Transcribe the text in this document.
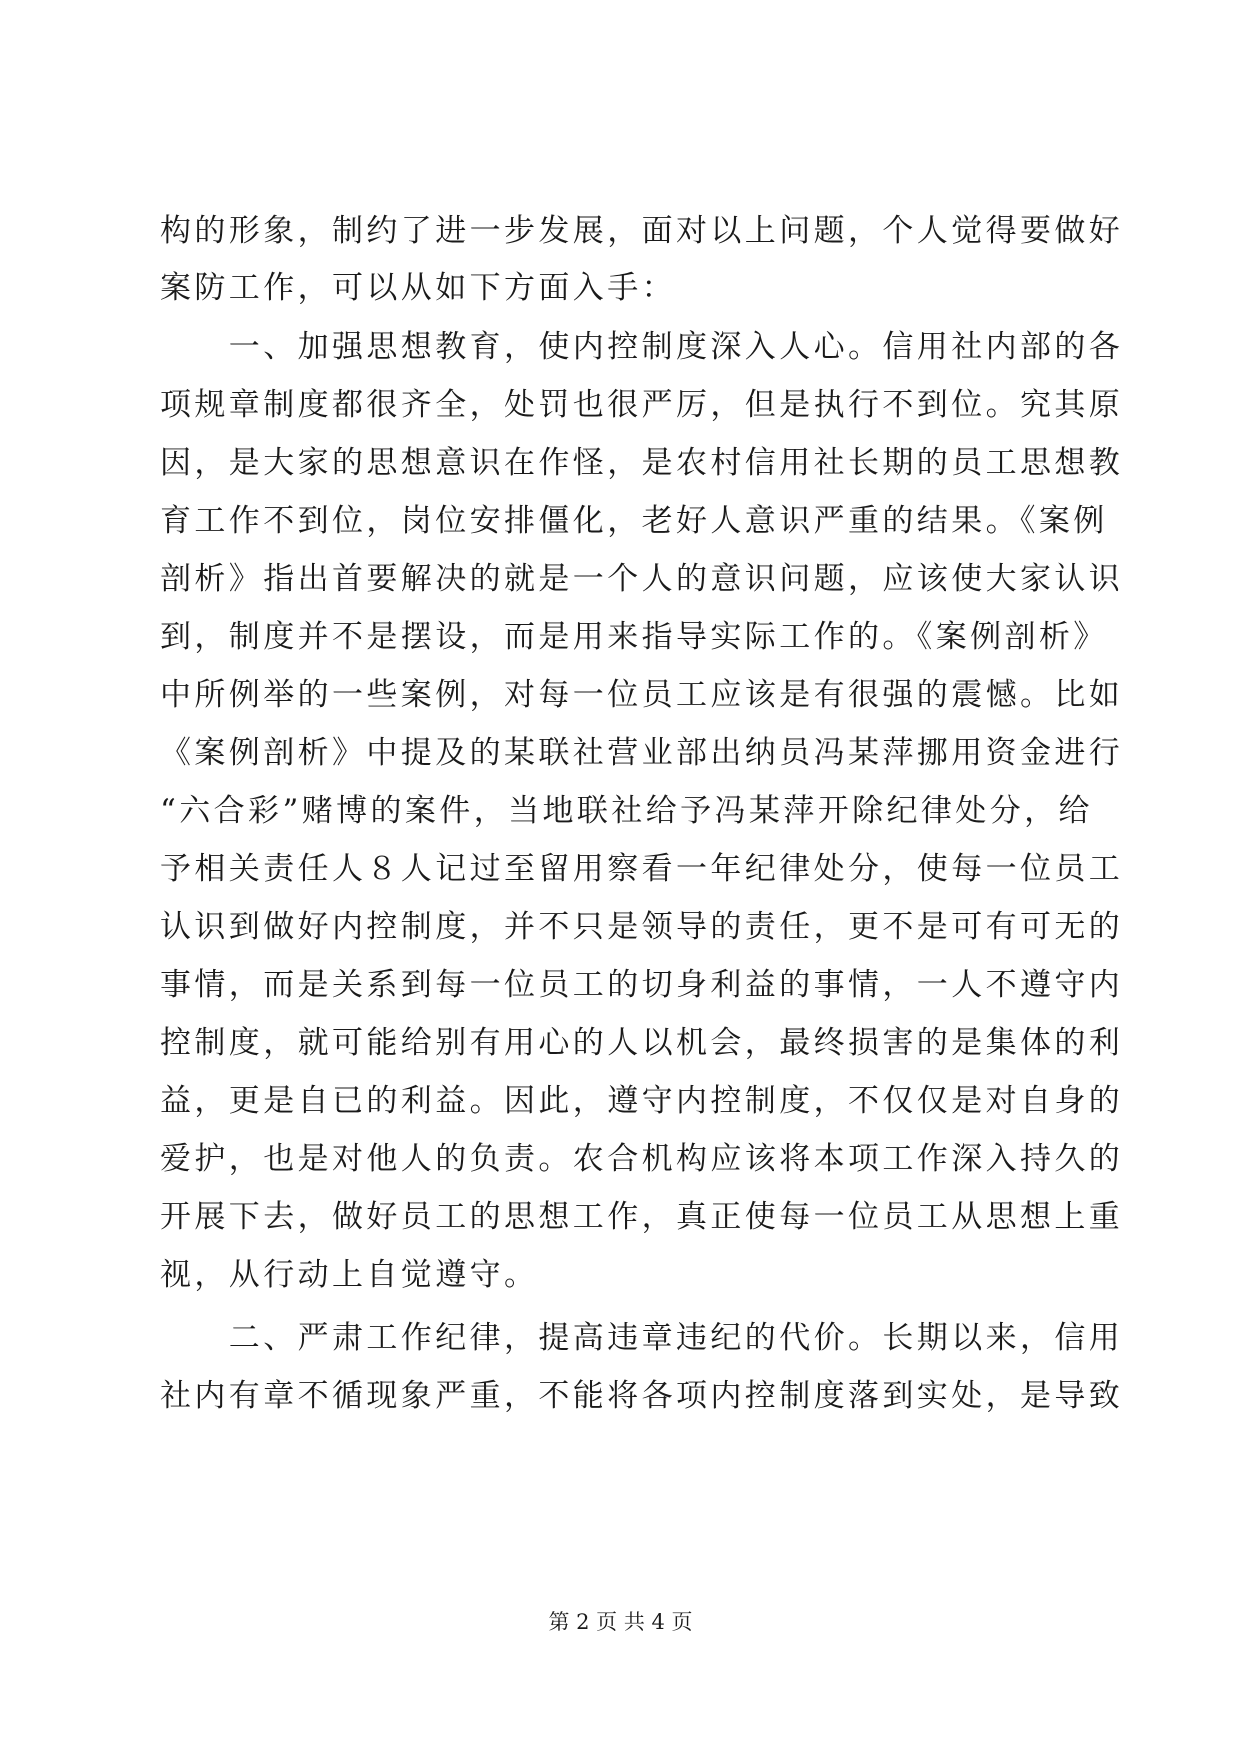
构的形象，制约了进一步发展，面对以上问题，个人觉得要做好
案防工作，可以从如下方面入手：
　　一、加强思想教育，使内控制度深入人心。信用社内部的各
项规章制度都很齐全，处罚也很严厉，但是执行不到位。究其原
因，是大家的思想意识在作怪，是农村信用社长期的员工思想教
育工作不到位，岗位安排僵化，老好人意识严重的结果。《案例
剖析》指出首要解决的就是一个人的意识问题，应该使大家认识
到，制度并不是摆设，而是用来指导实际工作的。《案例剖析》
中所例举的一些案例，对每一位员工应该是有很强的震憾。比如
《案例剖析》中提及的某联社营业部出纳员冯某萍挪用资金进行
“六合彩”赌博的案件，当地联社给予冯某萍开除纪律处分，给
予相关责任人８人记过至留用察看一年纪律处分，使每一位员工
认识到做好内控制度，并不只是领导的责任，更不是可有可无的
事情，而是关系到每一位员工的切身利益的事情，一人不遵守内
控制度，就可能给别有用心的人以机会，最终损害的是集体的利
益，更是自已的利益。因此，遵守内控制度，不仅仅是对自身的
爱护，也是对他人的负责。农合机构应该将本项工作深入持久的
开展下去，做好员工的思想工作，真正使每一位员工从思想上重
视，从行动上自觉遵守。
　　二、严肃工作纪律，提高违章违纪的代价。长期以来，信用
社内有章不循现象严重，不能将各项内控制度落到实处，是导致
第 2 页 共 4 页
